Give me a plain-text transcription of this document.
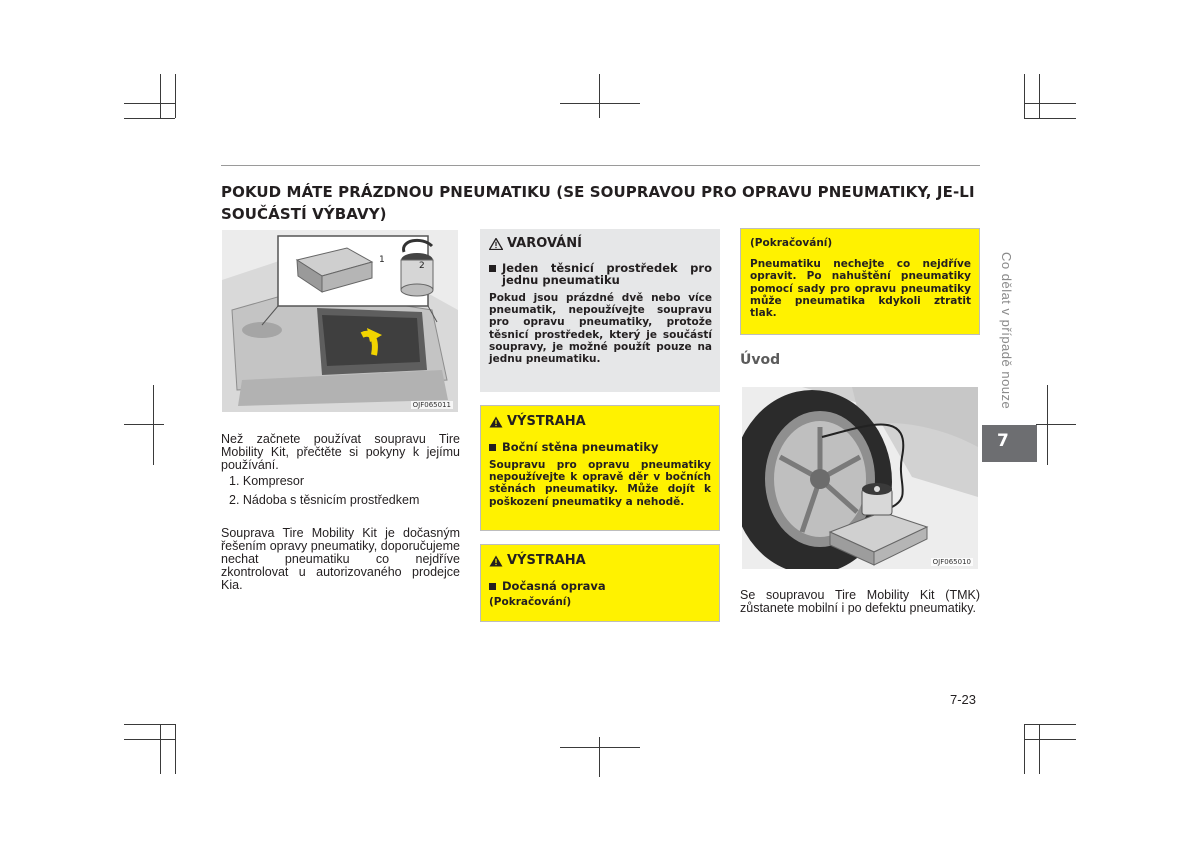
POKUD MÁTE PRÁZDNOU PNEUMATIKU (SE SOUPRAVOU PRO OPRAVU PNEUMATIKY, JE-LI SOUČÁSTÍ VÝBAVY)
1
2
OJF065011

Než začnete používat soupravu Tire Mobility Kit, přečtěte si pokyny k jejímu používání.

1. Kompresor
2. Nádoba s těsnicím prostředkem

Souprava Tire Mobility Kit je dočasným řešením opravy pneumatiky, doporučujeme nechat pneumatiku co nejdříve zkontrolovat u autorizovaného prodejce Kia.

VAROVÁNÍ
Jeden těsnicí prostředek pro jednu pneumatiku

Pokud jsou prázdné dvě nebo více pneumatik, nepoužívejte soupravu pro opravu pneumatiky, protože těsnicí prostředek, který je součástí soupravy, je možné použít pouze na jednu pneumatiku.

VÝSTRAHA
Boční stěna pneumatiky

Soupravu pro opravu pneumatiky nepoužívejte k opravě děr v bočních stěnách pneumatiky. Může dojít k poškození pneumatiky a nehodě.

VÝSTRAHA
Dočasná oprava

(Pokračování)

(Pokračování)

Pneumatiku nechejte co nejdříve opravit. Po nahuštění pneumatiky pomocí sady pro opravu pneumatiky může pneumatika kdykoli ztratit tlak.

Úvod
OJF065010

Se soupravou Tire Mobility Kit (TMK) zůstanete mobilní i po defektu pneumatiky.

Co dělat v případě nouze
7
7-23
